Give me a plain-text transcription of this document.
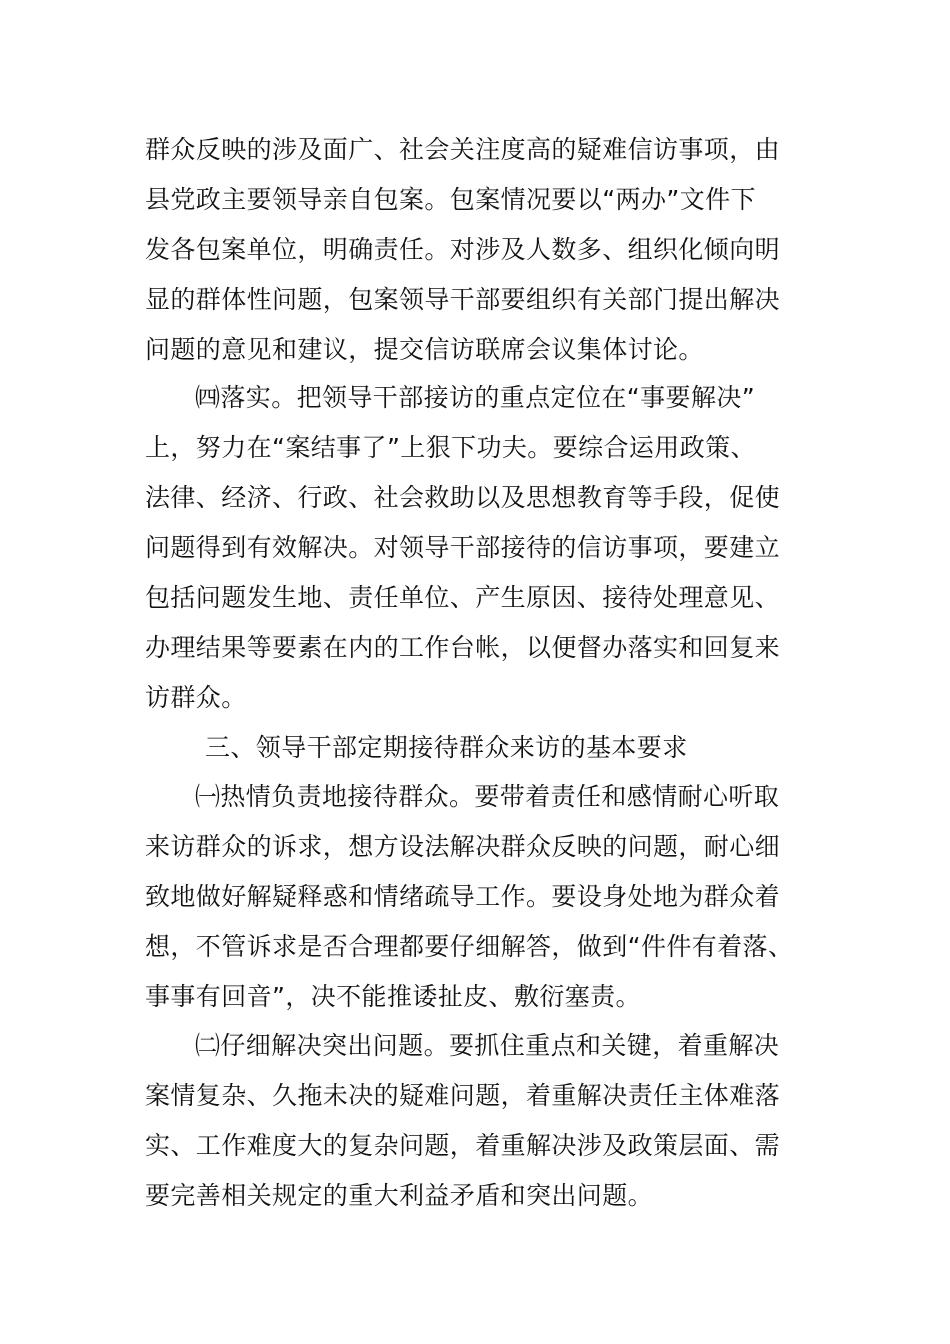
群众反映的涉及面广、社会关注度高的疑难信访事项，由
县党政主要领导亲自包案。包案情况要以“两办”文件下
发各包案单位，明确责任。对涉及人数多、组织化倾向明
显的群体性问题，包案领导干部要组织有关部门提出解决
问题的意见和建议，提交信访联席会议集体讨论。
㈣落实。把领导干部接访的重点定位在“事要解决”
上，努力在“案结事了”上狠下功夫。要综合运用政策、
法律、经济、行政、社会救助以及思想教育等手段，促使
问题得到有效解决。对领导干部接待的信访事项，要建立
包括问题发生地、责任单位、产生原因、接待处理意见、
办理结果等要素在内的工作台帐，以便督办落实和回复来
访群众。
三、领导干部定期接待群众来访的基本要求
㈠热情负责地接待群众。要带着责任和感情耐心听取
来访群众的诉求，想方设法解决群众反映的问题，耐心细
致地做好解疑释惑和情绪疏导工作。要设身处地为群众着
想，不管诉求是否合理都要仔细解答，做到“件件有着落、
事事有回音”，决不能推诿扯皮、敷衍塞责。
㈡仔细解决突出问题。要抓住重点和关键，着重解决
案情复杂、久拖未决的疑难问题，着重解决责任主体难落
实、工作难度大的复杂问题，着重解决涉及政策层面、需
要完善相关规定的重大利益矛盾和突出问题。
